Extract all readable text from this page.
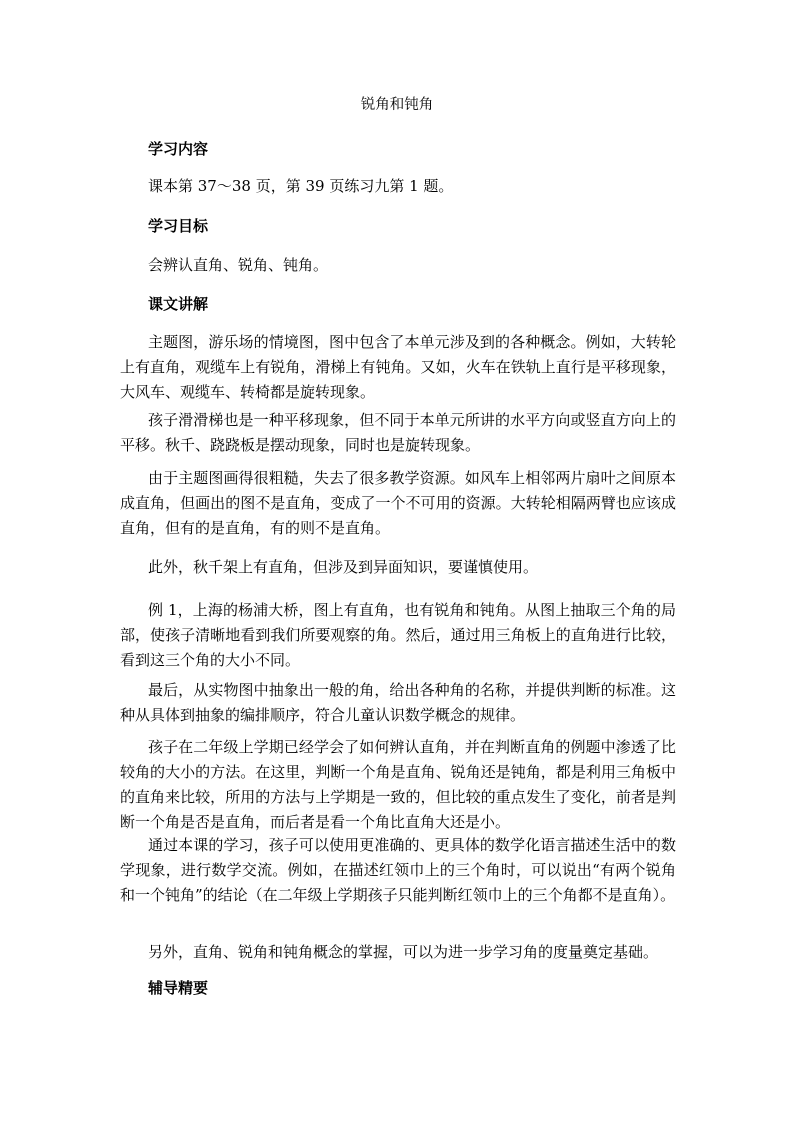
锐角和钝角
学习内容
课本第 37～38 页，第 39 页练习九第 1 题。
学习目标
会辨认直角、锐角、钝角。
课文讲解
主题图，游乐场的情境图，图中包含了本单元涉及到的各种概念。例如，大转轮上有直角，观缆车上有锐角，滑梯上有钝角。又如，火车在铁轨上直行是平移现象，大风车、观缆车、转椅都是旋转现象。
孩子滑滑梯也是一种平移现象，但不同于本单元所讲的水平方向或竖直方向上的平移。秋千、跷跷板是摆动现象，同时也是旋转现象。
由于主题图画得很粗糙，失去了很多教学资源。如风车上相邻两片扇叶之间原本成直角，但画出的图不是直角，变成了一个不可用的资源。大转轮相隔两臂也应该成直角，但有的是直角，有的则不是直角。
此外，秋千架上有直角，但涉及到异面知识，要谨慎使用。
例 1，上海的杨浦大桥，图上有直角，也有锐角和钝角。从图上抽取三个角的局部，使孩子清晰地看到我们所要观察的角。然后，通过用三角板上的直角进行比较，看到这三个角的大小不同。
最后，从实物图中抽象出一般的角，给出各种角的名称，并提供判断的标准。这种从具体到抽象的编排顺序，符合儿童认识数学概念的规律。
孩子在二年级上学期已经学会了如何辨认直角，并在判断直角的例题中渗透了比较角的大小的方法。在这里，判断一个角是直角、锐角还是钝角，都是利用三角板中的直角来比较，所用的方法与上学期是一致的，但比较的重点发生了变化，前者是判断一个角是否是直角，而后者是看一个角比直角大还是小。
通过本课的学习，孩子可以使用更准确的、更具体的数学化语言描述生活中的数学现象，进行数学交流。例如，在描述红领巾上的三个角时，可以说出“有两个锐角和一个钝角”的结论（在二年级上学期孩子只能判断红领巾上的三个角都不是直角）。
另外，直角、锐角和钝角概念的掌握，可以为进一步学习角的度量奠定基础。
辅导精要
